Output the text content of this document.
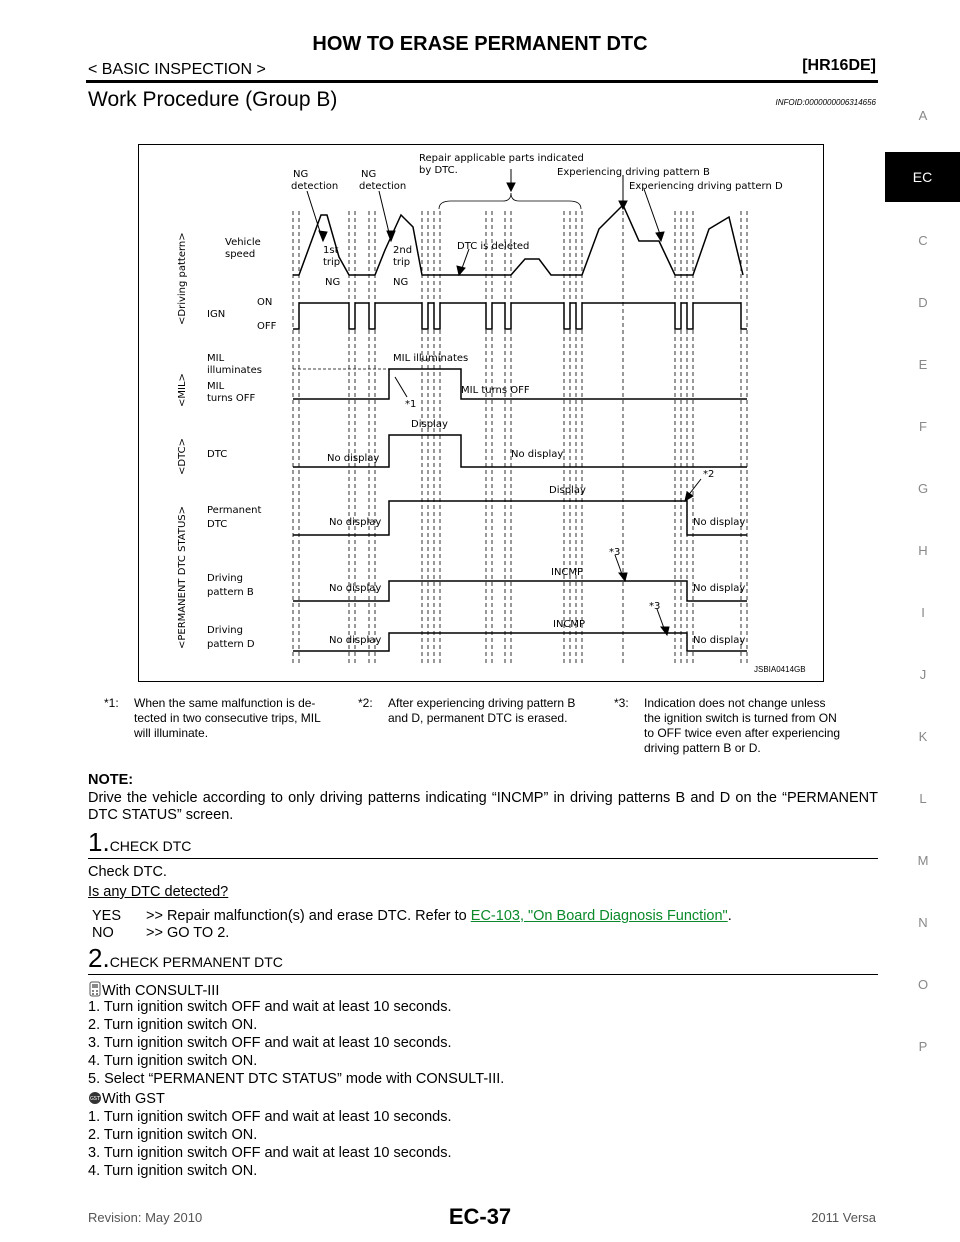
HOW TO ERASE PERMANENT DTC
< BASIC INSPECTION >	[HR16DE]
Work Procedure (Group B)	INFOID:0000000006314656
A
EC
C
D
E
F
G
H
I
J
K
L
M
N
O
P
Repair applicable parts indicated
by DTC.	Experiencing driving pattern B
Experiencing driving pattern D
NG
detection
NG
detection
<Driving pattern>
<MIL>
<DTC>
<PERMANENT DTC STATUS>
Vehicle
speed	1st
trip
NG
2nd
trip
NG
DTC is deleted
IGN
ON
OFF
MIL
illuminates
MIL
turns OFF
MIL illuminates
MIL turns OFF
*1
DTC
Display
No display	No display
Permanent
DTC
Display
No display	No display
*2
Driving
pattern B
INCMP
No display	No display
*3
Driving
pattern D
INCMP
No display	No display
*3
JSBIA0414GB
*1: When the same malfunction is de-
tected in two consecutive trips, MIL
will illuminate.
*2: After experiencing driving pattern B
and D, permanent DTC is erased.
*3: Indication does not change unless
the ignition switch is turned from ON
to OFF twice even after experiencing
driving pattern B or D.
NOTE:
Drive the vehicle according to only driving patterns indicating “INCMP” in driving patterns B and D on the “PERMANENT DTC STATUS” screen.
1.CHECK DTC
Check DTC.
Is any DTC detected?
YES >> Repair malfunction(s) and erase DTC. Refer to EC-103, "On Board Diagnosis Function".
NO >> GO TO 2.
2.CHECK PERMANENT DTC
With CONSULT-III
1. Turn ignition switch OFF and wait at least 10 seconds.
2. Turn ignition switch ON.
3. Turn ignition switch OFF and wait at least 10 seconds.
4. Turn ignition switch ON.
5. Select “PERMANENT DTC STATUS” mode with CONSULT-III.
GST With GST
1. Turn ignition switch OFF and wait at least 10 seconds.
2. Turn ignition switch ON.
3. Turn ignition switch OFF and wait at least 10 seconds.
4. Turn ignition switch ON.
Revision: May 2010	EC-37	2011 Versa
